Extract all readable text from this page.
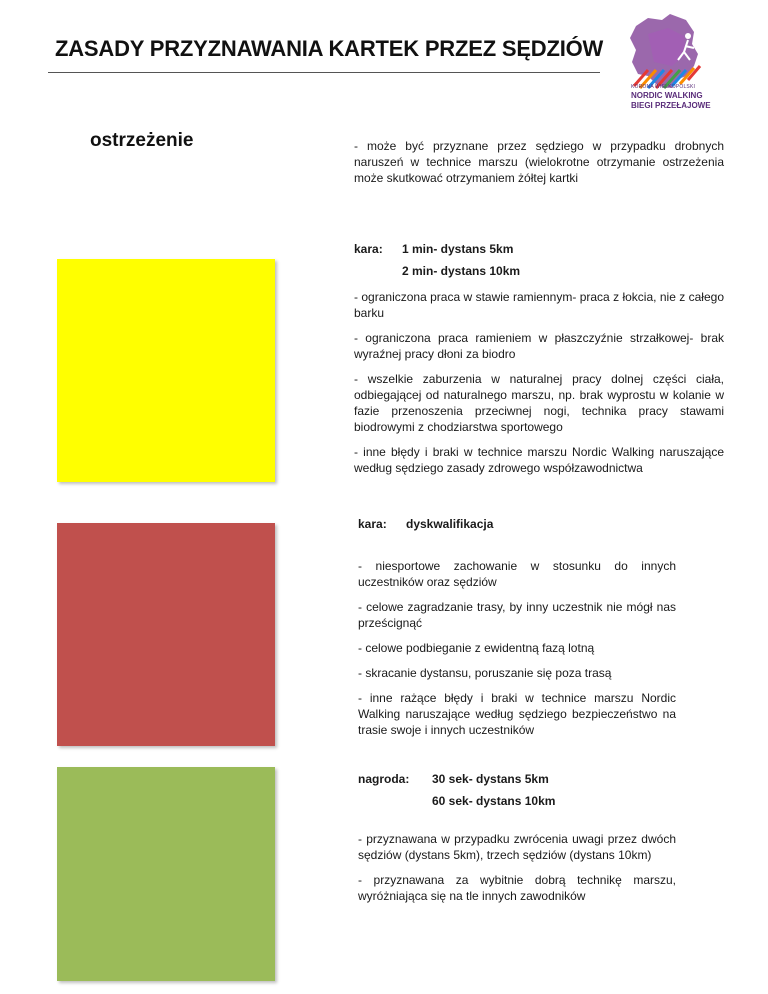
ZASADY PRZYZNAWANIA KARTEK PRZEZ SĘDZIÓW
KORONA WIELKOPOLSKI
NORDIC WALKING
BIEGI PRZEŁAJOWE
ostrzeżenie	- może być przyznane przez sędziego w przypadku drobnych naruszeń w technice marszu (wielokrotne otrzymanie ostrzeżenia może skutkować otrzymaniem żółtej kartki

kara:	1 min- dystans 5km
2 min- dystans 10km

- ograniczona praca w stawie ramiennym- praca z łokcia, nie z całego barku

- ograniczona praca ramieniem w płaszczyźnie strzałkowej- brak wyraźnej pracy dłoni za biodro

- wszelkie zaburzenia w naturalnej pracy dolnej części ciała, odbiegającej od naturalnego marszu, np. brak wyprostu w kolanie w fazie przenoszenia przeciwnej nogi, technika pracy stawami biodrowymi z chodziarstwa sportowego

- inne błędy i braki w technice marszu Nordic Walking naruszające według sędziego zasady zdrowego współzawodnictwa

kara:	dyskwalifikacja

- niesportowe zachowanie w stosunku do innych uczestników oraz sędziów

- celowe zagradzanie trasy, by inny uczestnik nie mógł nas prześcignąć

- celowe podbieganie z ewidentną fazą lotną

- skracanie dystansu, poruszanie się poza trasą

- inne rażące błędy i braki w technice marszu Nordic Walking naruszające według sędziego bezpieczeństwo na trasie swoje i innych uczestników

nagroda:	30 sek- dystans 5km
60 sek- dystans 10km

- przyznawana w przypadku zwrócenia uwagi przez dwóch sędziów (dystans 5km), trzech sędziów (dystans 10km)

- przyznawana za wybitnie dobrą technikę marszu, wyróżniająca się na tle innych zawodników
